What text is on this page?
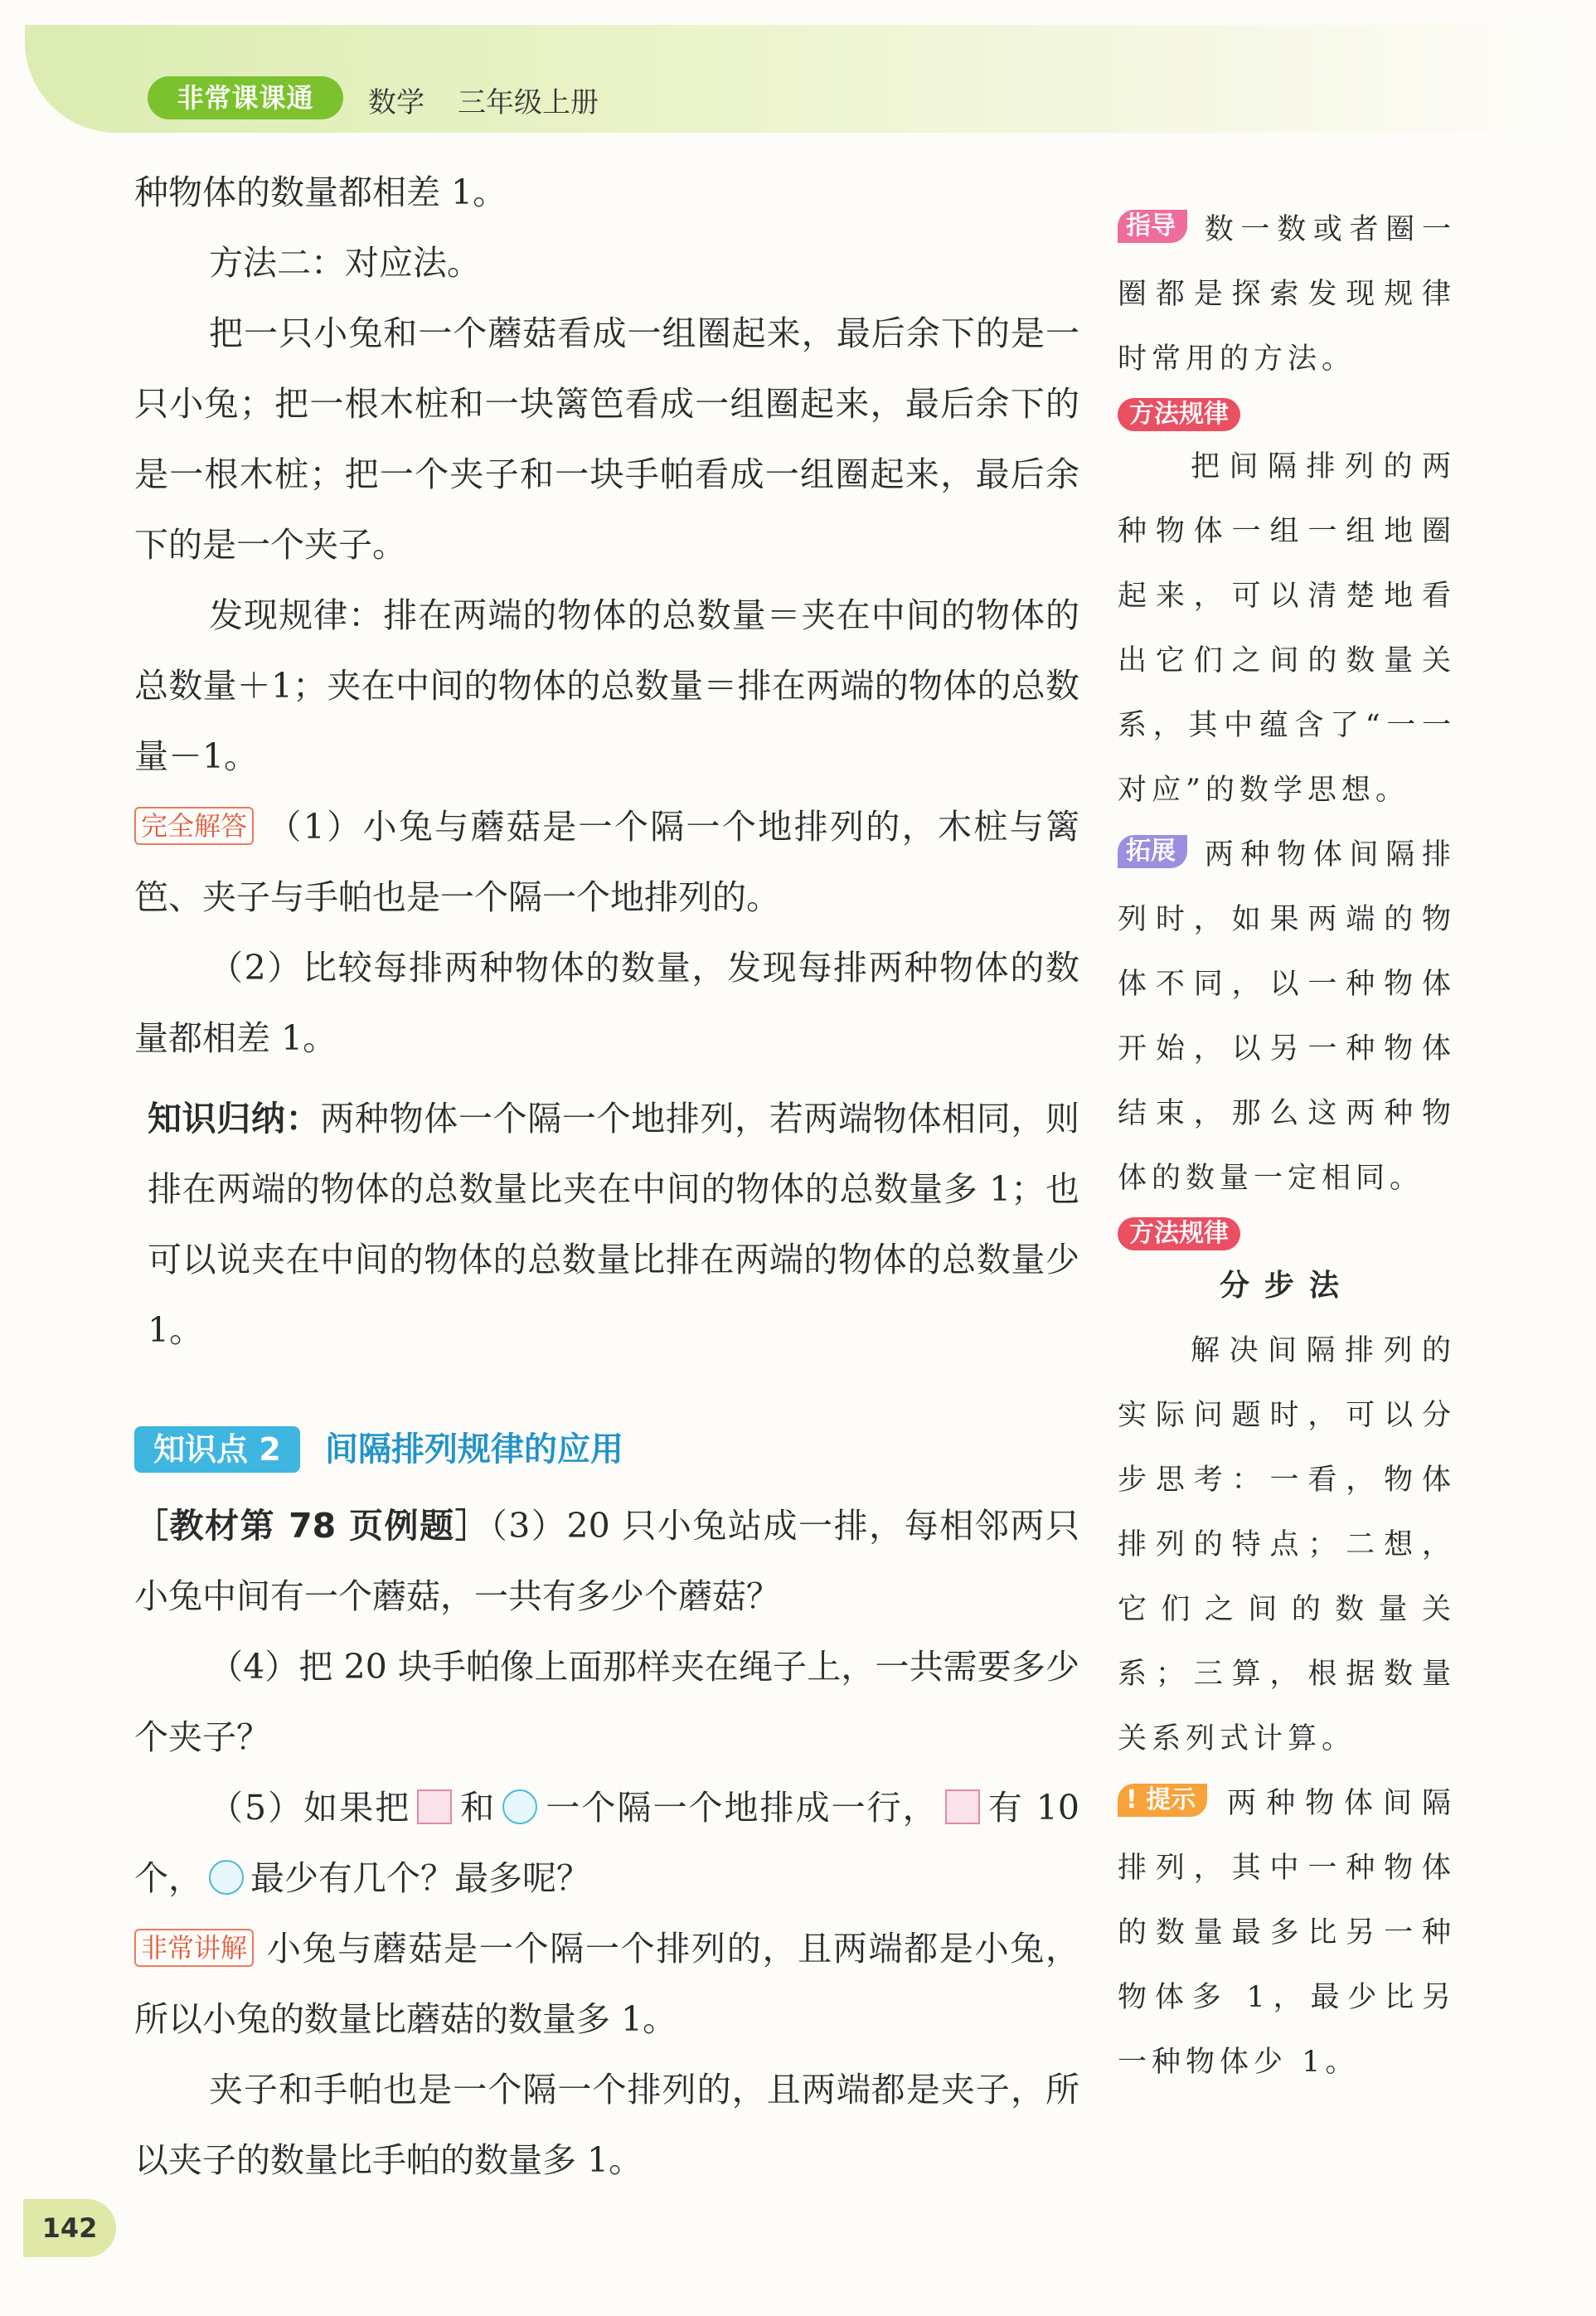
非常课课通	数学 三年级上册

种物体的数量都相差 1。

方法二：对应法。

把一只小兔和一个蘑菇看成一组圈起来，最后余下的是一只小兔；把一根木桩和一块篱笆看成一组圈起来，最后余下的是一根木桩；把一个夹子和一块手帕看成一组圈起来，最后余下的是一个夹子。

发现规律：排在两端的物体的总数量＝夹在中间的物体的总数量＋1；夹在中间的物体的总数量＝排在两端的物体的总数量－1。

完全解答 （1）小兔与蘑菇是一个隔一个地排列的，木桩与篱笆、夹子与手帕也是一个隔一个地排列的。

（2）比较每排两种物体的数量，发现每排两种物体的数量都相差 1。

知识归纳：两种物体一个隔一个地排列，若两端物体相同，则排在两端的物体的总数量比夹在中间的物体的总数量多 1；也可以说夹在中间的物体的总数量比排在两端的物体的总数量少 1。

知识点 2	间隔排列规律的应用

［教材第 78 页例题］（3）20 只小兔站成一排，每相邻两只小兔中间有一个蘑菇，一共有多少个蘑菇？

（4）把 20 块手帕像上面那样夹在绳子上，一共需要多少个夹子？

（5）如果把 和 一个隔一个地排成一行， 有 10 个， 最少有几个？最多呢？

非常讲解 小兔与蘑菇是一个隔一个排列的，且两端都是小兔，所以小兔的数量比蘑菇的数量多 1。

夹子和手帕也是一个隔一个排列的，且两端都是夹子，所以夹子的数量比手帕的数量多 1。

指导 数一数或者圈一圈都是探索发现规律时常用的方法。

方法规律

把间隔排列的两种物体一组一组地圈起来，可以清楚地看出它们之间的数量关系，其中蕴含了“一一对应”的数学思想。

拓展 两种物体间隔排列时，如果两端的物体不同，以一种物体开始，以另一种物体结束，那么这两种物体的数量一定相同。

方法规律

分步法

解决间隔排列的实际问题时，可以分步思考：一看，物体排列的特点；二想，它们之间的数量关系；三算，根据数量关系列式计算。

! 提示 两种物体间隔排列，其中一种物体的数量最多比另一种物体多 1，最少比另一种物体少 1。

142
